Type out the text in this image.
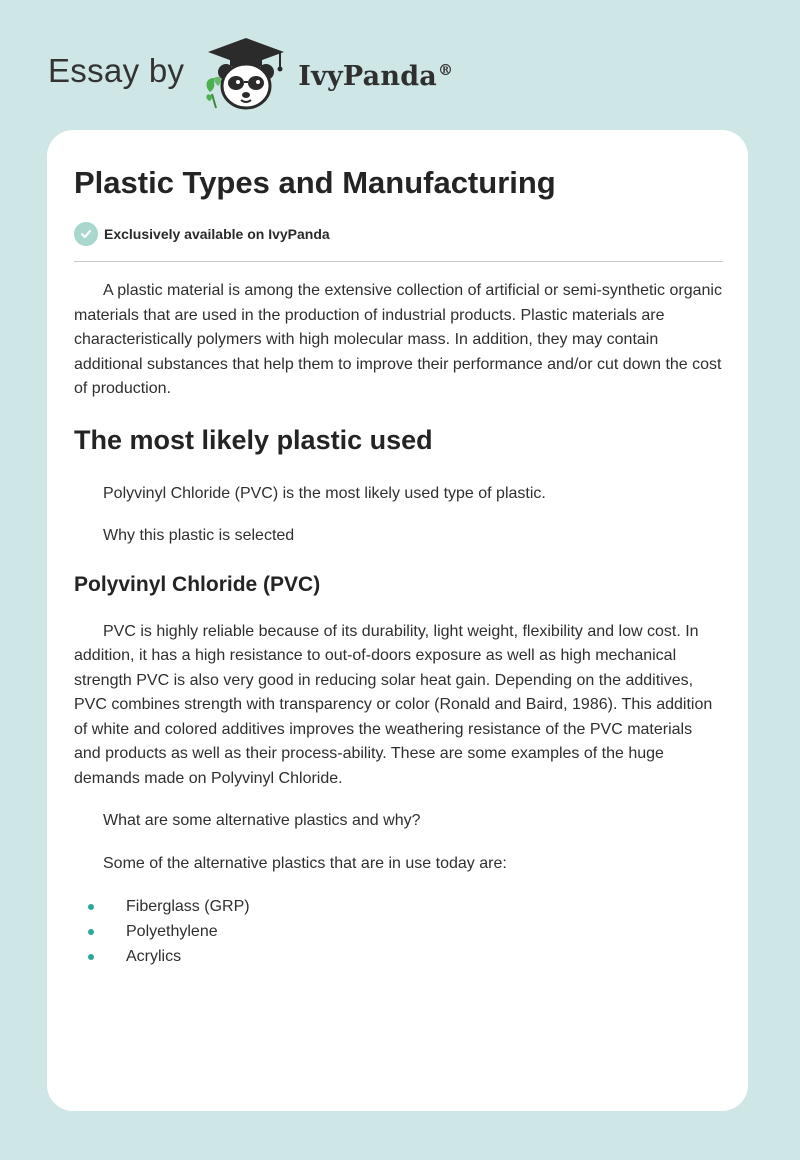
Essay by	IvyPanda®
Plastic Types and Manufacturing
Exclusively available on IvyPanda

A plastic material is among the extensive collection of artificial or semi-synthetic organic materials that are used in the production of industrial products. Plastic materials are characteristically polymers with high molecular mass. In addition, they may contain additional substances that help them to improve their performance and/or cut down the cost of production.

The most likely plastic used

Polyvinyl Chloride (PVC) is the most likely used type of plastic.

Why this plastic is selected

Polyvinyl Chloride (PVC)

PVC is highly reliable because of its durability, light weight, flexibility and low cost. In addition, it has a high resistance to out-of-doors exposure as well as high mechanical strength PVC is also very good in reducing solar heat gain. Depending on the additives, PVC combines strength with transparency or color (Ronald and Baird, 1986). This addition of white and colored additives improves the weathering resistance of the PVC materials and products as well as their process-ability. These are some examples of the huge demands made on Polyvinyl Chloride.

What are some alternative plastics and why?

Some of the alternative plastics that are in use today are:

Fiberglass (GRP)
Polyethylene
Acrylics
